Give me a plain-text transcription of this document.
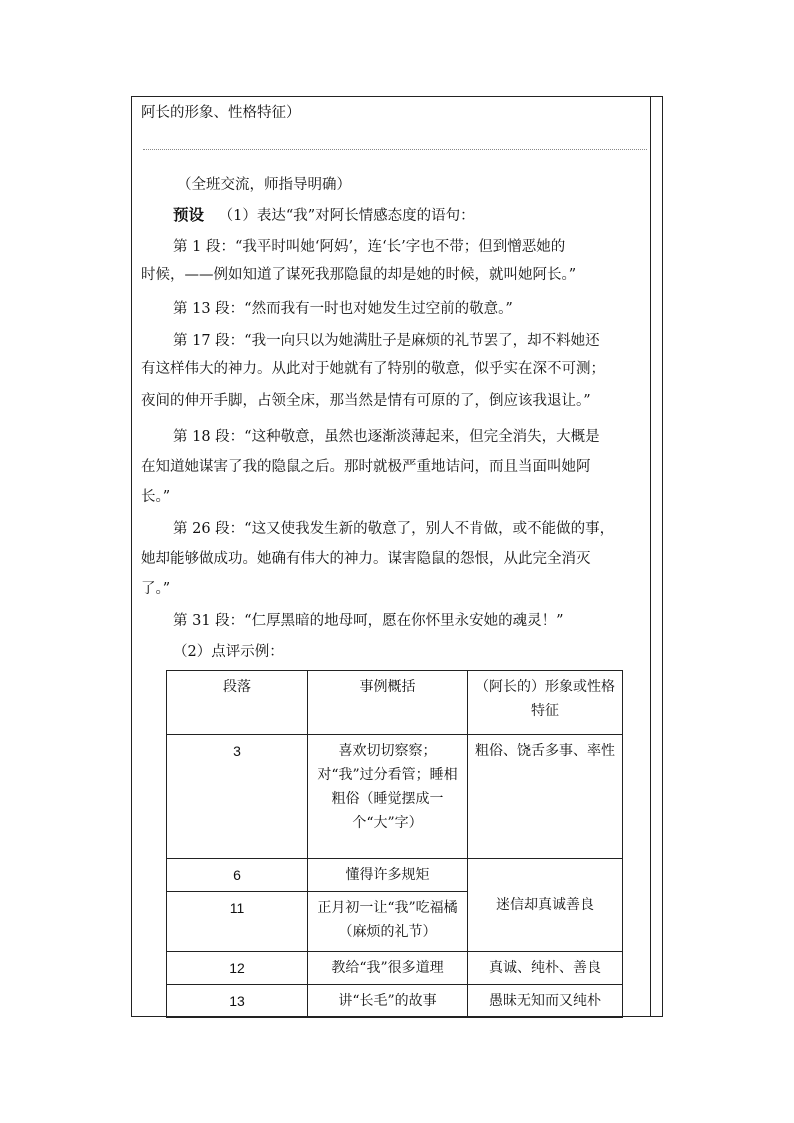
阿长的形象、性格特征）
（全班交流，师指导明确）
预设 （1）表达“我”对阿长情感态度的语句：
第 1 段：“我平时叫她‘阿妈’，连‘长’字也不带；但到憎恶她的
时候，——例如知道了谋死我那隐鼠的却是她的时候，就叫她阿长。”
第 13 段：“然而我有一时也对她发生过空前的敬意。”
第 17 段：“我一向只以为她满肚子是麻烦的礼节罢了，却不料她还
有这样伟大的神力。从此对于她就有了特别的敬意，似乎实在深不可测；
夜间的伸开手脚，占领全床，那当然是情有可原的了，倒应该我退让。”
第 18 段：“这种敬意，虽然也逐渐淡薄起来，但完全消失，大概是
在知道她谋害了我的隐鼠之后。那时就极严重地诘问，而且当面叫她阿
长。”
第 26 段：“这又使我发生新的敬意了，别人不肯做，或不能做的事，
她却能够做成功。她确有伟大的神力。谋害隐鼠的怨恨，从此完全消灭
了。”
第 31 段：“仁厚黑暗的地母呵，愿在你怀里永安她的魂灵！”
（2）点评示例：
段落	事例概括	（阿长的）形象或性格特征
3	喜欢切切察察；对“我”过分看管；睡相粗俗（睡觉摆成一个“大”字）	粗俗、饶舌多事、率性
6	懂得许多规矩	迷信却真诚善良
11	正月初一让“我”吃福橘（麻烦的礼节）	
12	教给“我”很多道理	真诚、纯朴、善良
13	讲“长毛”的故事	愚昧无知而又纯朴
